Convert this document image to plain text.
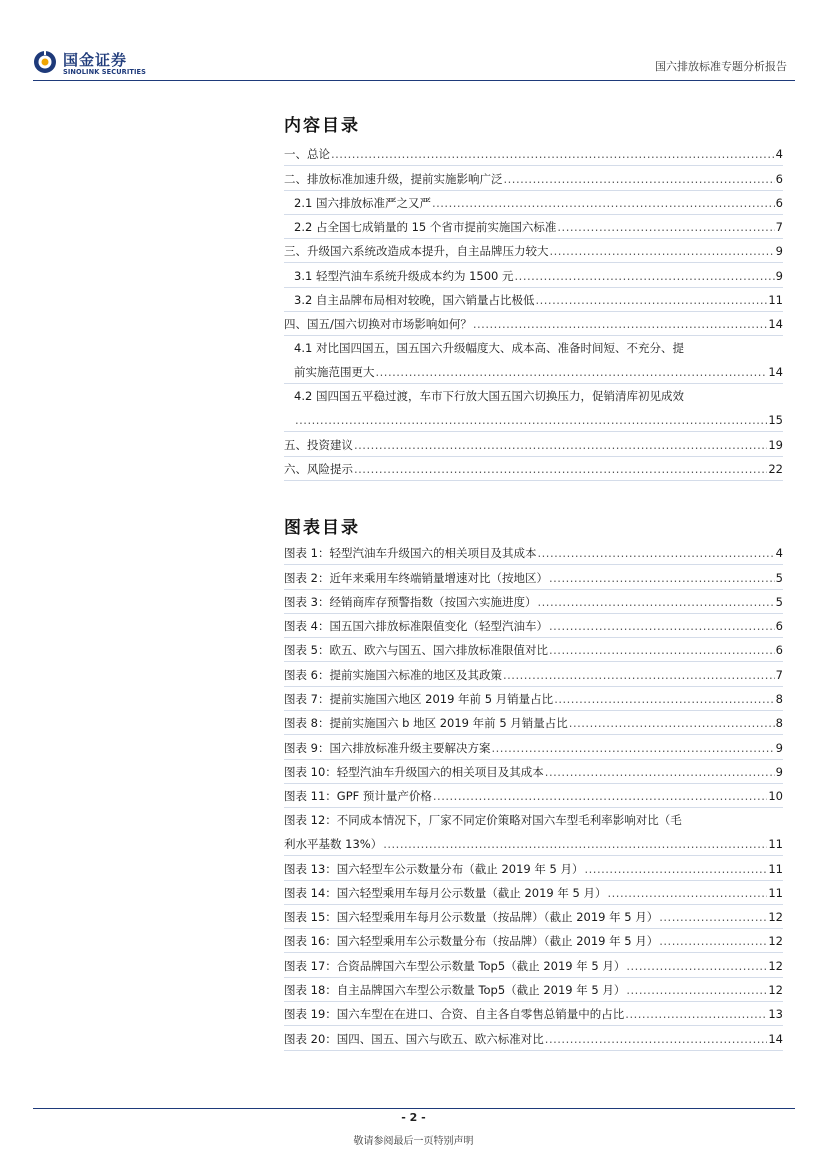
国金证券
SINOLINK SECURITIES	国六排放标准专题分析报告
内容目录
一、总论 .....	4
二、排放标准加速升级，提前实施影响广泛 .....	6
2.1 国六排放标准严之又严 .....	6
2.2 占全国七成销量的 15 个省市提前实施国六标准 .....	7
三、升级国六系统改造成本提升，自主品牌压力较大 .....	9
3.1 轻型汽油车系统升级成本约为 1500 元 .....	9
3.2 自主品牌布局相对较晚，国六销量占比极低 .....	11
四、国五/国六切换对市场影响如何？ .....	14
4.1 对比国四国五，国五国六升级幅度大、成本高、准备时间短、不充分、提
前实施范围更大 .....	14
4.2 国四国五平稳过渡，车市下行放大国五国六切换压力，促销清库初见成效
.....
15
五、投资建议 .....	19
六、风险提示 .....	22
图表目录
图表 1：轻型汽油车升级国六的相关项目及其成本 .....	4
图表 2：近年来乘用车终端销量增速对比（按地区） .....	5
图表 3：经销商库存预警指数（按国六实施进度） .....	5
图表 4：国五国六排放标准限值变化（轻型汽油车） .....	6
图表 5：欧五、欧六与国五、国六排放标准限值对比 .....	6
图表 6：提前实施国六标准的地区及其政策 .....	7
图表 7：提前实施国六地区 2019 年前 5 月销量占比 .....	8
图表 8：提前实施国六 b 地区 2019 年前 5 月销量占比 .....	8
图表 9：国六排放标准升级主要解决方案 .....	9
图表 10：轻型汽油车升级国六的相关项目及其成本 .....	9
图表 11：GPF 预计量产价格 .....	10
图表 12：不同成本情况下，厂家不同定价策略对国六车型毛利率影响对比（毛
利水平基数 13%） .....	11
图表 13：国六轻型车公示数量分布（截止 2019 年 5 月） .....	11
图表 14：国六轻型乘用车每月公示数量（截止 2019 年 5 月） .....	11
图表 15：国六轻型乘用车每月公示数量（按品牌）（截止 2019 年 5 月） .....	12
图表 16：国六轻型乘用车公示数量分布（按品牌）（截止 2019 年 5 月） .....	12
图表 17：合资品牌国六车型公示数量 Top5（截止 2019 年 5 月） .....	12
图表 18：自主品牌国六车型公示数量 Top5（截止 2019 年 5 月） .....	12
图表 19：国六车型在在进口、合资、自主各自零售总销量中的占比 .....	13
图表 20：国四、国五、国六与欧五、欧六标准对比 .....	14
- 2 -
敬请参阅最后一页特别声明
